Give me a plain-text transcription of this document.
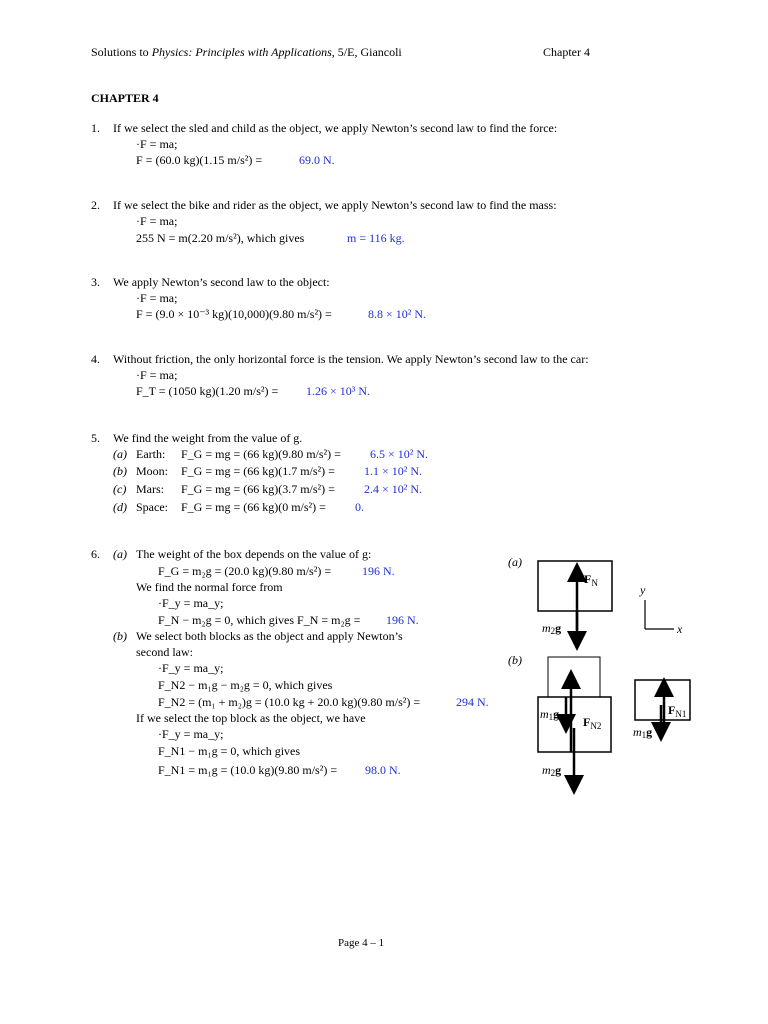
Solutions to Physics: Principles with Applications, 5/E, Giancoli	Chapter 4
CHAPTER 4
1. If we select the sled and child as the object, we apply Newton’s second law to find the force:
·F = ma;
F = (60.0 kg)(1.15 m/s²) =	69.0 N.
2. If we select the bike and rider as the object, we apply Newton’s second law to find the mass:
·F = ma;
255 N = m(2.20 m/s²), which gives	m = 116 kg.
3. We apply Newton’s second law to the object:
·F = ma;
F = (9.0 × 10⁻³ kg)(10,000)(9.80 m/s²) =	8.8 × 10² N.
4. Without friction, the only horizontal force is the tension. We apply Newton’s second law to the car:
·F = ma;
F_T = (1050 kg)(1.20 m/s²) = 1.26 × 10³ N.
5. We find the weight from the value of g.
(a) Earth: F_G = mg = (66 kg)(9.80 m/s²) = 6.5 × 10² N.
(b) Moon: F_G = mg = (66 kg)(1.7 m/s²) = 1.1 × 10² N.
(c) Mars: F_G = mg = (66 kg)(3.7 m/s²) = 2.4 × 10² N.
(d) Space: F_G = mg = (66 kg)(0 m/s²) = 0.
6. (a) The weight of the box depends on the value of g:
F_G = m₂g = (20.0 kg)(9.80 m/s²) =	196 N.
We find the normal force from
·F_y = ma_y;
F_N − m₂g = 0, which gives F_N = m₂g = 196 N.
(b) We select both blocks as the object and apply Newton’s
second law:
·F_y = ma_y;
F_N2 − m₁g − m₂g = 0, which gives
F_N2 = (m₁ + m₂)g = (10.0 kg + 20.0 kg)(9.80 m/s²) =	294 N.
If we select the top block as the object, we have
·F_y = ma_y;
F_N1 − m₁g = 0, which gives
F_N1 = m₁g = (10.0 kg)(9.80 m/s²) = 98.0 N.
(a)
$F_N$
m2g
y
x
(b)
m1g
$F_{N2}$
m2g
$F_{N1}$
m1g
Page 4 – 1
